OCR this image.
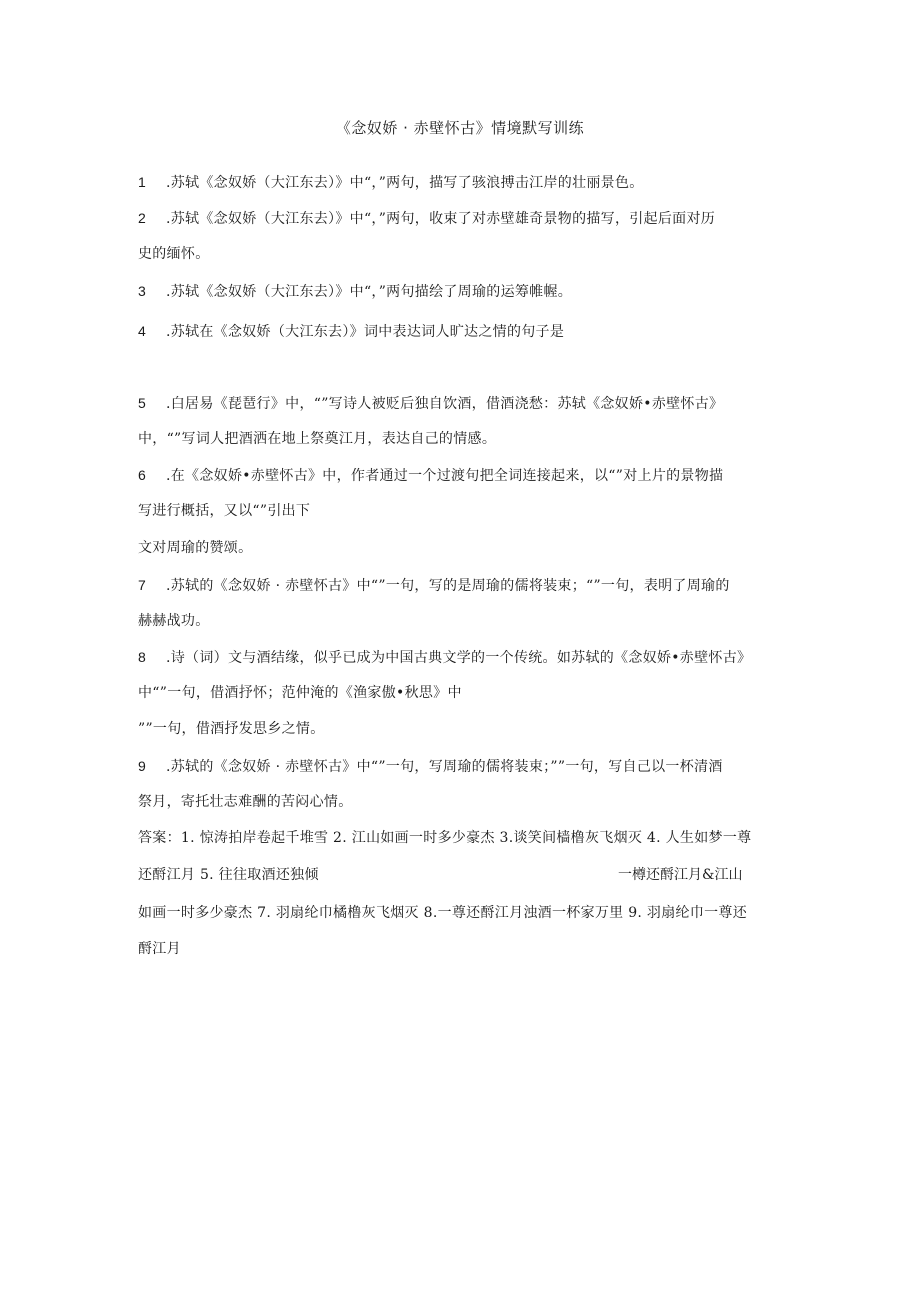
《念奴娇 · 赤壁怀古》情境默写训练
1 .苏轼《念奴娇（大江东去）》中“，”两句，描写了骇浪搏击江岸的壮丽景色。
2 .苏轼《念奴娇（大江东去）》中“，”两句，收束了对赤壁雄奇景物的描写，引起后面对历
史的缅怀。
3 .苏轼《念奴娇（大江东去）》中“，”两句描绘了周瑜的运筹帷幄。
4 .苏轼在《念奴娇（大江东去）》词中表达词人旷达之情的句子是
5 .白居易《琵琶行》中，“”写诗人被贬后独自饮酒，借酒浇愁：苏轼《念奴娇•赤壁怀古》
中，“”写词人把酒洒在地上祭奠江月，表达自己的情感。
6 .在《念奴娇•赤壁怀古》中，作者通过一个过渡句把全词连接起来，以“”对上片的景物描
写进行概括，又以“”引出下
文对周瑜的赞颂。
7 .苏轼的《念奴娇 · 赤壁怀古》中“”一句，写的是周瑜的儒将装束；“”一句，表明了周瑜的
赫赫战功。
8 .诗（词）文与酒结缘，似乎已成为中国古典文学的一个传统。如苏轼的《念奴娇•赤壁怀古》
中“”一句，借酒抒怀；范仲淹的《渔家傲•秋思》中
””一句，借酒抒发思乡之情。
9 .苏轼的《念奴娇 · 赤壁怀古》中“”一句，写周瑜的儒将装束；””一句，写自己以一杯清酒
祭月，寄托壮志难酬的苦闷心情。
答案：1. 惊涛拍岸卷起千堆雪 2. 江山如画一时多少豪杰 3.谈笑间樯橹灰飞烟灭 4. 人生如梦一尊
还酹江月 5. 往往取酒还独倾	一樽还酹江月&江山
如画一时多少豪杰 7. 羽扇纶巾橘橹灰飞烟灭 8.一尊还酹江月浊酒一杯家万里 9. 羽扇纶巾一尊还
酹江月
